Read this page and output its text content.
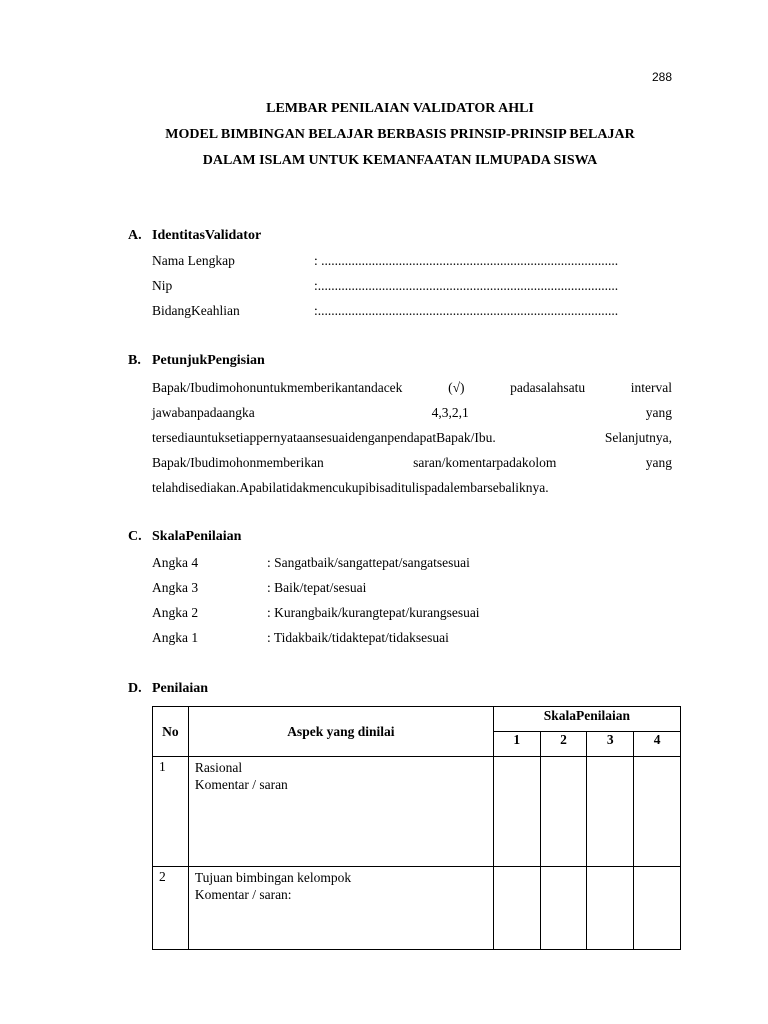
288
LEMBAR PENILAIAN VALIDATOR AHLI
MODEL BIMBINGAN BELAJAR BERBASIS PRINSIP-PRINSIP BELAJAR
DALAM ISLAM UNTUK KEMANFAATAN ILMUPADA SISWA
A. IdentitasValidator
Nama Lengkap	: ........................................................................................
Nip	:.........................................................................................
BidangKeahlian	:.........................................................................................
B. PetunjukPengisian
Bapak/Ibudimohonuntukmemberikantandacek	(√)	padasalahsatu	interval
jawabanpadaangka	4,3,2,1	yang
tersediauntuksetiappernyataansesuaidenganpendapatBapak/Ibu.	Selanjutnya,
Bapak/Ibudimohonmemberikan	saran/komentarpadakolom	yang
telahdisediakan.Apabilatidakmencukupibisaditulispadalembarsebaliknya.
C. SkalaPenilaian
Angka 4	: Sangatbaik/sangattepat/sangatsesuai
Angka 3	: Baik/tepat/sesuai
Angka 2	: Kurangbaik/kurangtepat/kurangsesuai
Angka 1	: Tidakbaik/tidaktepat/tidaksesuai
D. Penilaian
No	Aspek yang dinilai	SkalaPenilaian			
		1	2	3	4
1	Rasional
Komentar / saran				

2	Tujuan bimbingan kelompok
Komentar / saran:				
